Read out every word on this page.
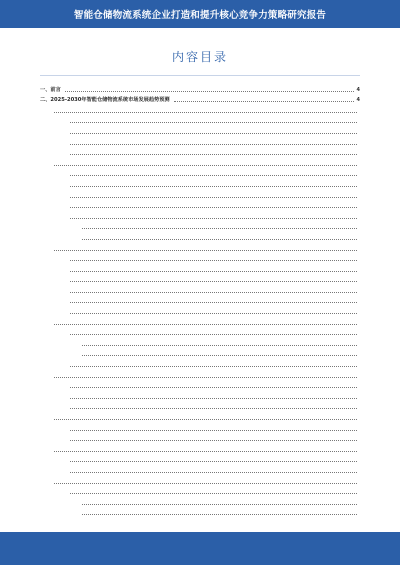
智能仓储物流系统企业打造和提升核心竞争力策略研究报告
内容目录
一、前言	4
二、2025-2030年智能仓储物流系统市场发展趋势预测	4
